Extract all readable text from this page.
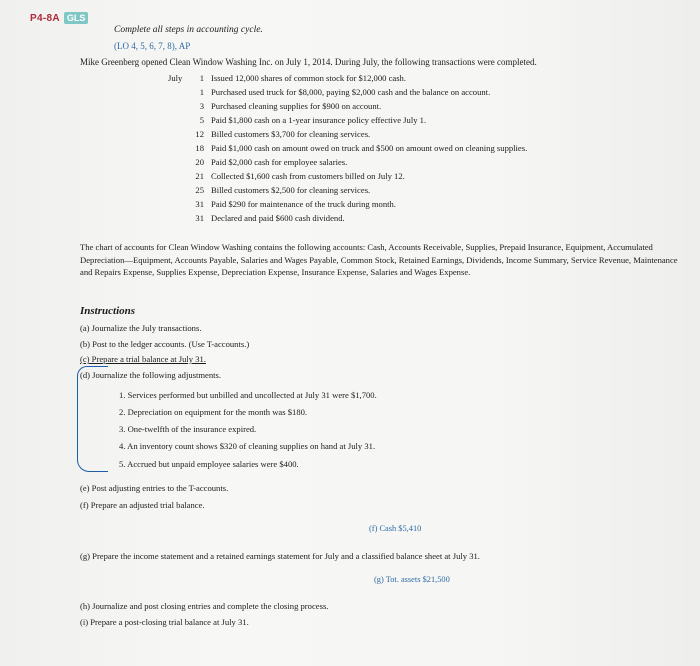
P4-8A GLS
Complete all steps in accounting cycle.
(LO 4, 5, 6, 7, 8), AP
Mike Greenberg opened Clean Window Washing Inc. on July 1, 2014. During July, the following transactions were completed.
July	1 Issued 12,000 shares of common stock for $12,000 cash.
1 Purchased used truck for $8,000, paying $2,000 cash and the balance on account.
3 Purchased cleaning supplies for $900 on account.
5 Paid $1,800 cash on a 1-year insurance policy effective July 1.
12 Billed customers $3,700 for cleaning services.
18 Paid $1,000 cash on amount owed on truck and $500 on amount owed on cleaning supplies.
20 Paid $2,000 cash for employee salaries.
21 Collected $1,600 cash from customers billed on July 12.
25 Billed customers $2,500 for cleaning services.
31 Paid $290 for maintenance of the truck during month.
31 Declared and paid $600 cash dividend.
The chart of accounts for Clean Window Washing contains the following accounts: Cash, Accounts Receivable, Supplies, Prepaid Insurance, Equipment, Accumulated Depreciation—Equipment, Accounts Payable, Salaries and Wages Payable, Common Stock, Retained Earnings, Dividends, Income Summary, Service Revenue, Maintenance and Repairs Expense, Supplies Expense, Depreciation Expense, Insurance Expense, Salaries and Wages Expense.
Instructions
(a) Journalize the July transactions.
(b) Post to the ledger accounts. (Use T-accounts.)
(c) Prepare a trial balance at July 31.
(d) Journalize the following adjustments.
1. Services performed but unbilled and uncollected at July 31 were $1,700.
2. Depreciation on equipment for the month was $180.
3. One-twelfth of the insurance expired.
4. An inventory count shows $320 of cleaning supplies on hand at July 31.
5. Accrued but unpaid employee salaries were $400.
(e) Post adjusting entries to the T-accounts.
(f) Prepare an adjusted trial balance.
(f) Cash $5,410
(g) Prepare the income statement and a retained earnings statement for July and a classified balance sheet at July 31.
(g) Tot. assets $21,500
(h) Journalize and post closing entries and complete the closing process.
(i) Prepare a post-closing trial balance at July 31.
